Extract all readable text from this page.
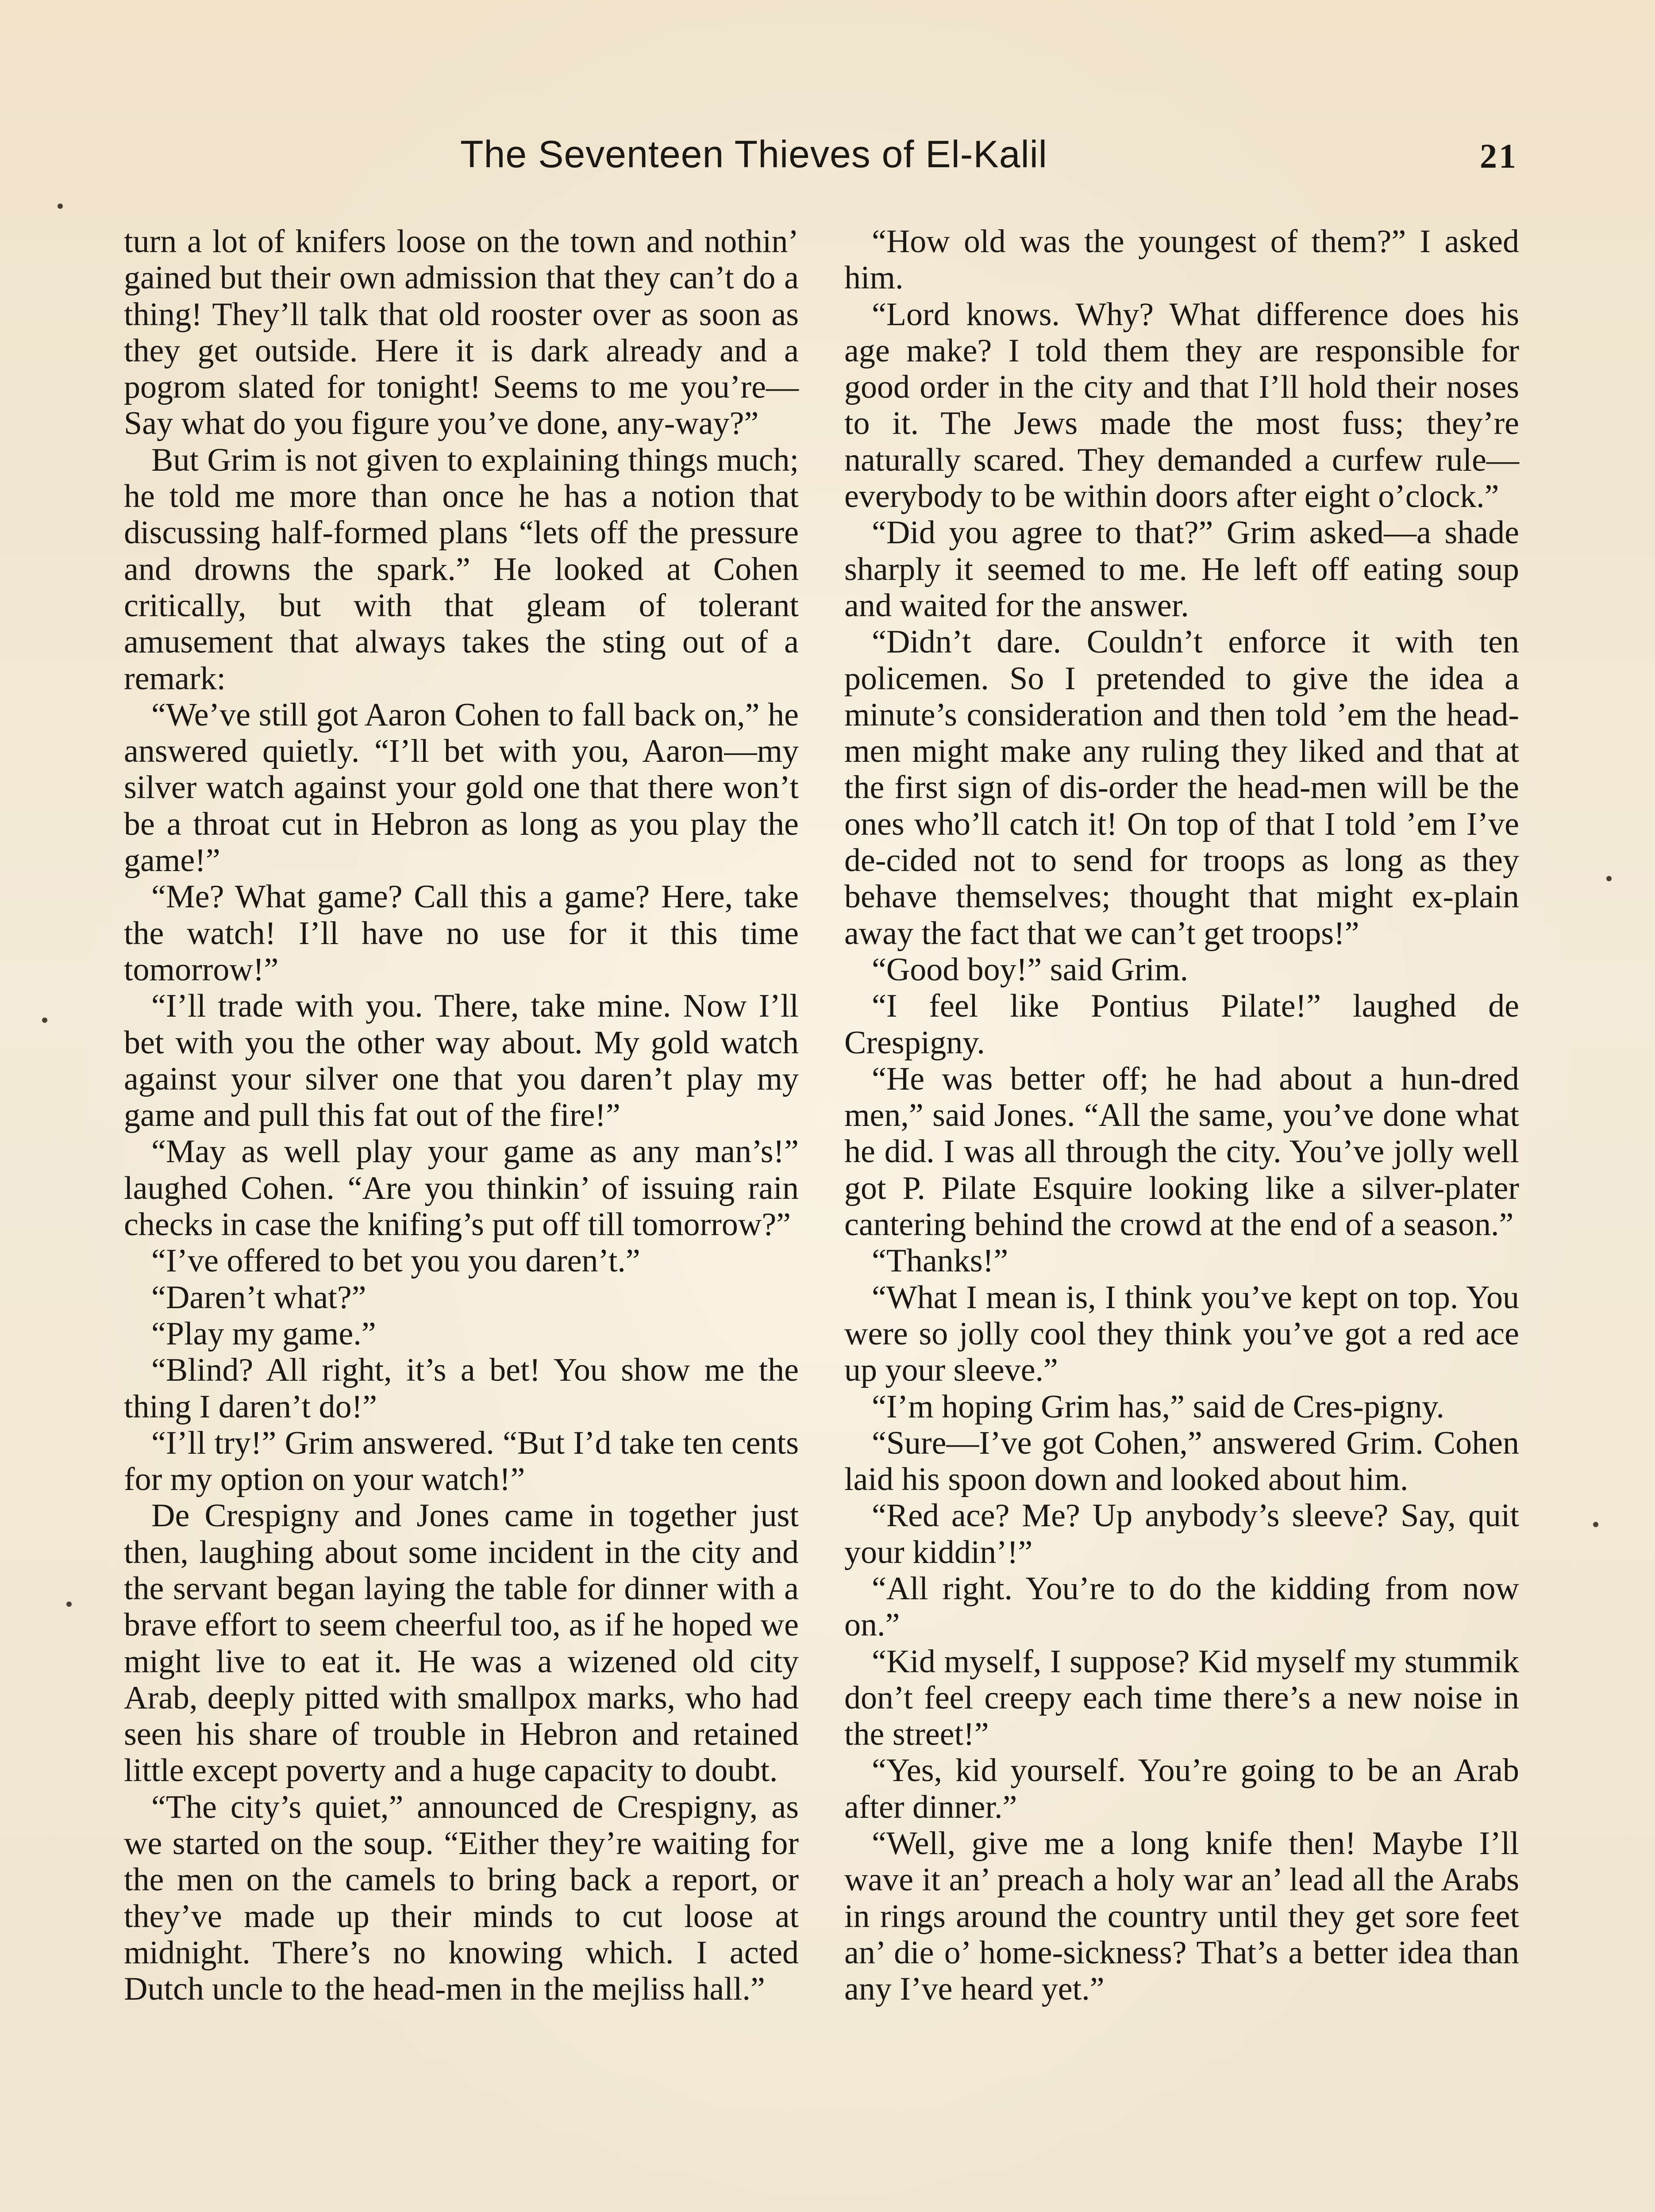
The Seventeen Thieves of El-Kalil	21

turn a lot of knifers loose on the town and nothin’ gained but their own admission that they can’t do a thing! They’ll talk that old rooster over as soon as they get outside. Here it is dark already and a pogrom slated for tonight! Seems to me you’re— Say what do you figure you’ve done, any-way?”

But Grim is not given to explaining things much; he told me more than once he has a notion that discussing half-formed plans “lets off the pressure and drowns the spark.” He looked at Cohen critically, but with that gleam of tolerant amusement that always takes the sting out of a remark:

“We’ve still got Aaron Cohen to fall back on,” he answered quietly. “I’ll bet with you, Aaron—my silver watch against your gold one that there won’t be a throat cut in Hebron as long as you play the game!”

“Me? What game? Call this a game? Here, take the watch! I’ll have no use for it this time tomorrow!”

“I’ll trade with you. There, take mine. Now I’ll bet with you the other way about. My gold watch against your silver one that you daren’t play my game and pull this fat out of the fire!”

“May as well play your game as any man’s!” laughed Cohen. “Are you thinkin’ of issuing rain checks in case the knifing’s put off till tomorrow?”

“I’ve offered to bet you you daren’t.”

“Daren’t what?”

“Play my game.”

“Blind? All right, it’s a bet! You show me the thing I daren’t do!”

“I’ll try!” Grim answered. “But I’d take ten cents for my option on your watch!”

De Crespigny and Jones came in together just then, laughing about some incident in the city and the servant began laying the table for dinner with a brave effort to seem cheerful too, as if he hoped we might live to eat it. He was a wizened old city Arab, deeply pitted with smallpox marks, who had seen his share of trouble in Hebron and retained little except poverty and a huge capacity to doubt.

“The city’s quiet,” announced de Crespigny, as we started on the soup. “Either they’re waiting for the men on the camels to bring back a report, or they’ve made up their minds to cut loose at midnight. There’s no knowing which. I acted Dutch uncle to the head-men in the mejliss hall.”

“How old was the youngest of them?” I asked him.

“Lord knows. Why? What difference does his age make? I told them they are responsible for good order in the city and that I’ll hold their noses to it. The Jews made the most fuss; they’re naturally scared. They demanded a curfew rule—everybody to be within doors after eight o’clock.”

“Did you agree to that?” Grim asked—a shade sharply it seemed to me. He left off eating soup and waited for the answer.

“Didn’t dare. Couldn’t enforce it with ten policemen. So I pretended to give the idea a minute’s consideration and then told ’em the head-men might make any ruling they liked and that at the first sign of dis-order the head-men will be the ones who’ll catch it! On top of that I told ’em I’ve de-cided not to send for troops as long as they behave themselves; thought that might ex-plain away the fact that we can’t get troops!”

“Good boy!” said Grim.

“I feel like Pontius Pilate!” laughed de Crespigny.

“He was better off; he had about a hun-dred men,” said Jones. “All the same, you’ve done what he did. I was all through the city. You’ve jolly well got P. Pilate Esquire looking like a silver-plater cantering behind the crowd at the end of a season.”

“Thanks!”

“What I mean is, I think you’ve kept on top. You were so jolly cool they think you’ve got a red ace up your sleeve.”

“I’m hoping Grim has,” said de Cres-pigny.

“Sure—I’ve got Cohen,” answered Grim. Cohen laid his spoon down and looked about him.

“Red ace? Me? Up anybody’s sleeve? Say, quit your kiddin’!”

“All right. You’re to do the kidding from now on.”

“Kid myself, I suppose? Kid myself my stummik don’t feel creepy each time there’s a new noise in the street!”

“Yes, kid yourself. You’re going to be an Arab after dinner.”

“Well, give me a long knife then! Maybe I’ll wave it an’ preach a holy war an’ lead all the Arabs in rings around the country until they get sore feet an’ die o’ home-sickness? That’s a better idea than any I’ve heard yet.”
